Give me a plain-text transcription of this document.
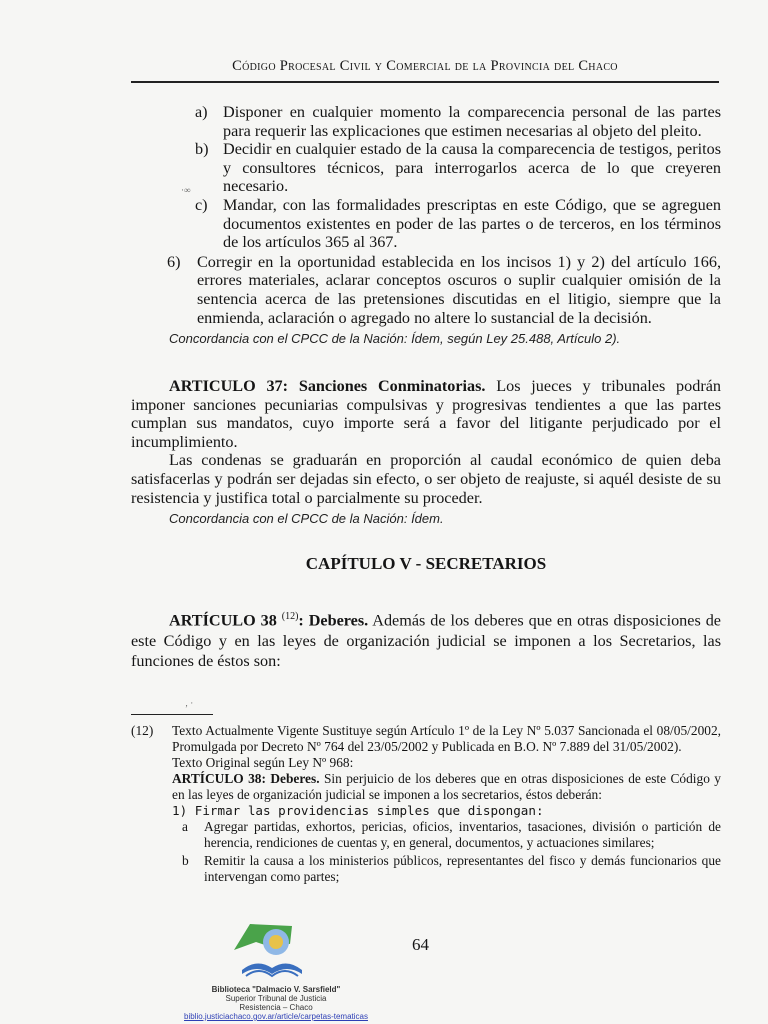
Código Procesal Civil y Comercial de la Provincia del Chaco
a) Disponer en cualquier momento la comparecencia personal de las partes para requerir las explicaciones que estimen necesarias al objeto del pleito.
b) Decidir en cualquier estado de la causa la comparecencia de testigos, peritos y consultores técnicos, para interrogarlos acerca de lo que creyeren necesario.
c) Mandar, con las formalidades prescriptas en este Código, que se agreguen documentos existentes en poder de las partes o de terceros, en los términos de los artículos 365 al 367.
6)	Corregir en la oportunidad establecida en los incisos 1) y 2) del artículo 166, errores materiales, aclarar conceptos oscuros o suplir cualquier omisión de la sentencia acerca de las pretensiones discutidas en el litigio, siempre que la enmienda, aclaración o agregado no altere lo sustancial de la decisión.
Concordancia con el CPCC de la Nación: Ídem, según Ley 25.488, Artículo 2).
·∞

ARTICULO 37: Sanciones Conminatorias. Los jueces y tribunales podrán imponer sanciones pecuniarias compulsivas y progresivas tendientes a que las partes cumplan sus mandatos, cuyo importe será a favor del litigante perjudicado por el incumplimiento.

Las condenas se graduarán en proporción al caudal económico de quien deba satisfacerlas y podrán ser dejadas sin efecto, o ser objeto de reajuste, si aquél desiste de su resistencia y justifica total o parcialmente su proceder.

Concordancia con el CPCC de la Nación: Ídem.
CAPÍTULO V - SECRETARIOS

ARTÍCULO 38 $^{(12)}$: Deberes. Además de los deberes que en otras disposiciones de este Código y en las leyes de organización judicial se imponen a los Secretarios, las funciones de éstos son:

‚ ·
(12)	Texto Actualmente Vigente Sustituye según Artículo 1º de la Ley Nº 5.037 Sancionada el 08/05/2002, Promulgada por Decreto Nº 764 del 23/05/2002 y Publicada en B.O. Nº 7.889 del 31/05/2002).

Texto Original según Ley Nº 968:

ARTÍCULO 38: Deberes. Sin perjuicio de los deberes que en otras disposiciones de este Código y en las leyes de organización judicial se imponen a los secretarios, éstos deberán:

1) Firmar las providencias simples que dispongan:

a	Agregar partidas, exhortos, pericias, oficios, inventarios, tasaciones, división o partición de herencia, rendiciones de cuentas y, en general, documentos, y actuaciones similares;
b	Remitir la causa a los ministerios públicos, representantes del fisco y demás funcionarios que intervengan como partes;
64
Biblioteca "Dalmacio V. Sarsfield"
Superior Tribunal de Justicia
Resistencia – Chaco
biblio.justiciachaco.gov.ar/article/carpetas-tematicas
